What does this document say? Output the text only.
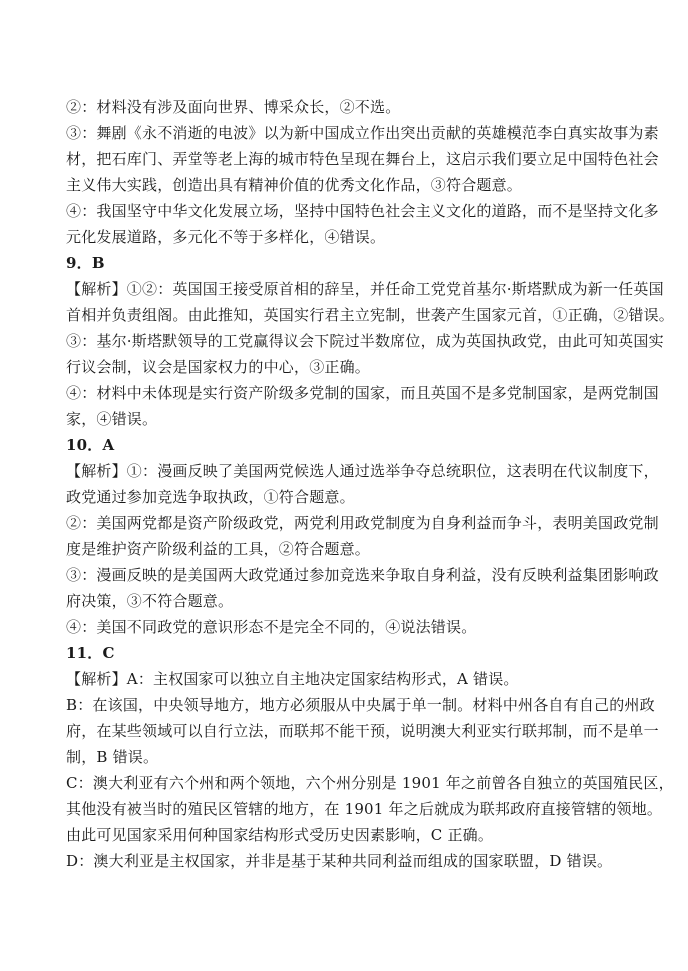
②：材料没有涉及面向世界、博采众长，②不选。
③：舞剧《永不消逝的电波》以为新中国成立作出突出贡献的英雄模范李白真实故事为素
材，把石库门、弄堂等老上海的城市特色呈现在舞台上，这启示我们要立足中国特色社会
主义伟大实践，创造出具有精神价值的优秀文化作品，③符合题意。
④：我国坚守中华文化发展立场，坚持中国特色社会主义文化的道路，而不是坚持文化多
元化发展道路，多元化不等于多样化，④错误。
9．B
【解析】①②：英国国王接受原首相的辞呈，并任命工党党首基尔·斯塔默成为新一任英国
首相并负责组阁。由此推知，英国实行君主立宪制，世袭产生国家元首，①正确，②错误。
③：基尔·斯塔默领导的工党赢得议会下院过半数席位，成为英国执政党，由此可知英国实
行议会制，议会是国家权力的中心，③正确。
④：材料中未体现是实行资产阶级多党制的国家，而且英国不是多党制国家，是两党制国
家，④错误。
10．A
【解析】①：漫画反映了美国两党候选人通过选举争夺总统职位，这表明在代议制度下，
政党通过参加竞选争取执政，①符合题意。
②：美国两党都是资产阶级政党，两党利用政党制度为自身利益而争斗，表明美国政党制
度是维护资产阶级利益的工具，②符合题意。
③：漫画反映的是美国两大政党通过参加竞选来争取自身利益，没有反映利益集团影响政
府决策，③不符合题意。
④：美国不同政党的意识形态不是完全不同的，④说法错误。
11．C
【解析】A：主权国家可以独立自主地决定国家结构形式，A 错误。
B：在该国，中央领导地方，地方必须服从中央属于单一制。材料中州各自有自己的州政
府，在某些领域可以自行立法，而联邦不能干预，说明澳大利亚实行联邦制，而不是单一
制，B 错误。
C：澳大利亚有六个州和两个领地，六个州分别是 1901 年之前曾各自独立的英国殖民区，
其他没有被当时的殖民区管辖的地方，在 1901 年之后就成为联邦政府直接管辖的领地。
由此可见国家采用何种国家结构形式受历史因素影响，C 正确。
D：澳大利亚是主权国家，并非是基于某种共同利益而组成的国家联盟，D 错误。
